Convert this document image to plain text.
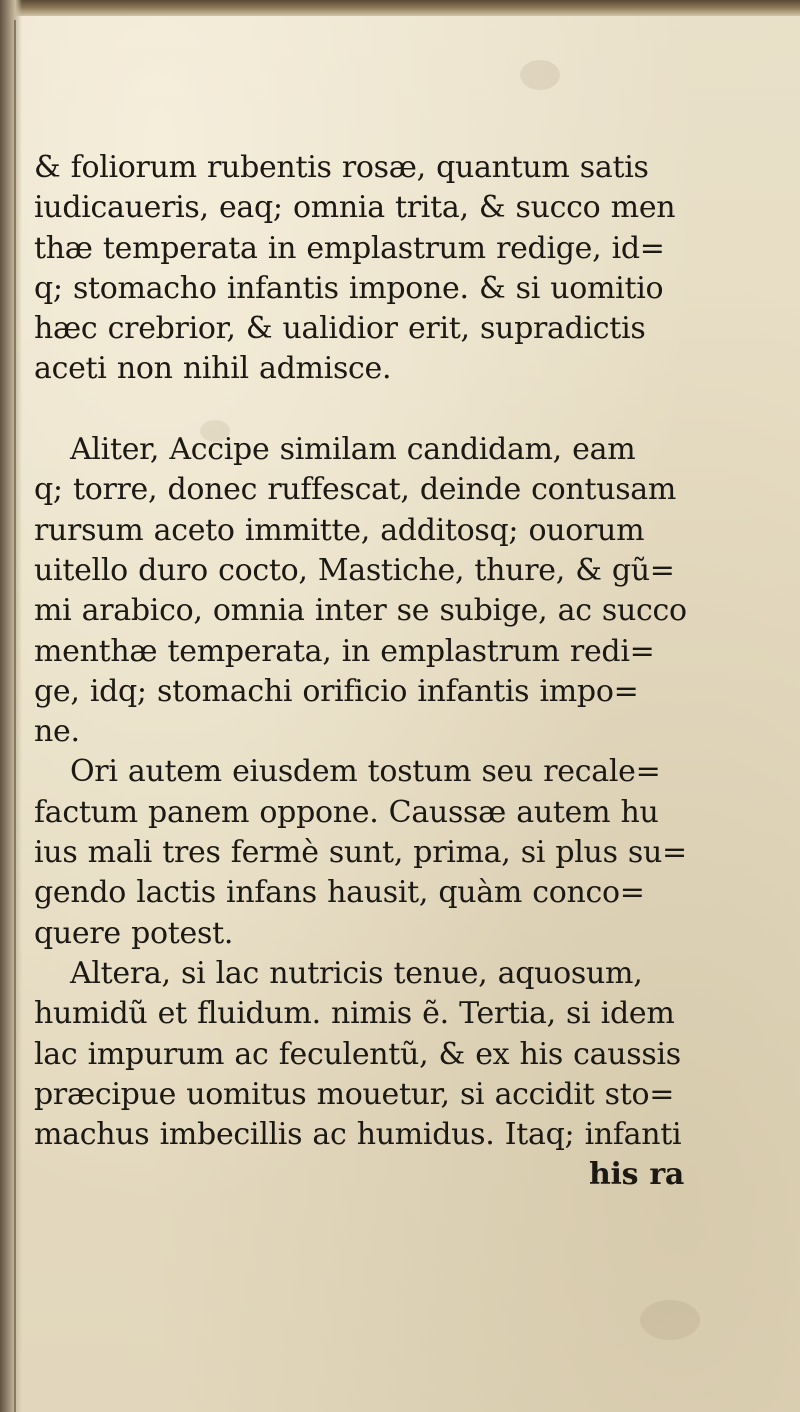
& foliorum rubentis rosæ, quantum satis
iudicaueris, eaq; omnia trita, & succo men
thæ temperata in emplastrum redige, id=
q; stomacho infantis impone. & si uomitio
hæc crebrior, & ualidior erit, supradictis
aceti non nihil admisce.
Aliter, Accipe similam candidam, eam
q; torre, donec ruffescat, deinde contusam
rursum aceto immitte, additosq; ouorum
uitello duro cocto, Mastiche, thure, & gũ=
mi arabico, omnia inter se subige, ac succo
menthæ temperata, in emplastrum redi=
ge, idq; stomachi orificio infantis impo=
ne.
Ori autem eiusdem tostum seu recale=
factum panem oppone. Caussæ autem hu
ius mali tres fermè sunt, prima, si plus su=
gendo lactis infans hausit, quàm conco=
quere potest.
Altera, si lac nutricis tenue, aquosum,
humidũ et fluidum. nimis ẽ. Tertia, si idem
lac impurum ac feculentũ, & ex his caussis
præcipue uomitus mouetur, si accidit sto=
machus imbecillis ac humidus. Itaq; infanti
his ra
